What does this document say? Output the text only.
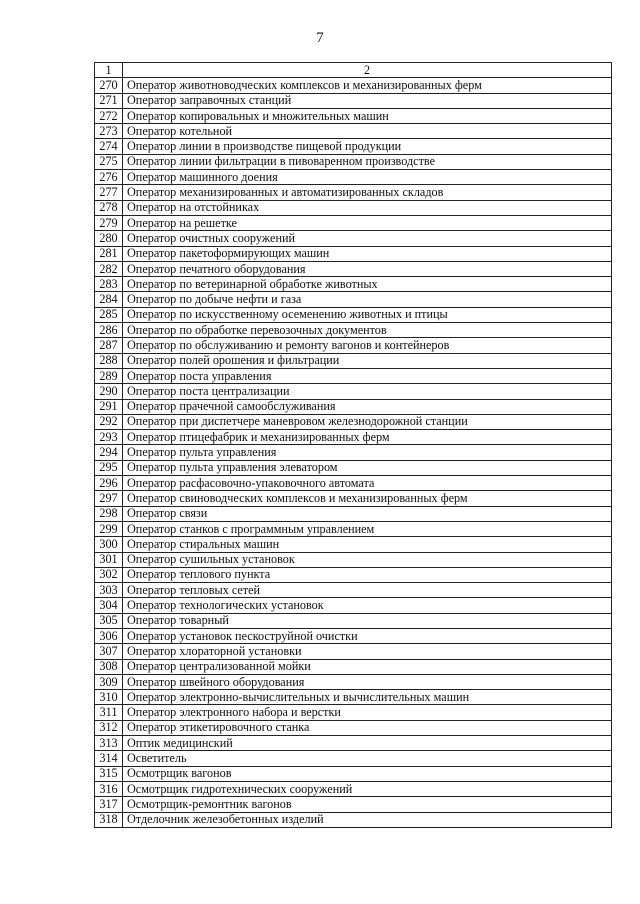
7
1	2
270	Оператор животноводческих комплексов и механизированных ферм
271	Оператор заправочных станций
272	Оператор копировальных и множительных машин
273	Оператор котельной
274	Оператор линии в производстве пищевой продукции
275	Оператор линии фильтрации в пивоваренном производстве
276	Оператор машинного доения
277	Оператор механизированных и автоматизированных складов
278	Оператор на отстойниках
279	Оператор на решетке
280	Оператор очистных сооружений
281	Оператор пакетоформирующих машин
282	Оператор печатного оборудования
283	Оператор по ветеринарной обработке животных
284	Оператор по добыче нефти и газа
285	Оператор по искусственному осеменению животных и птицы
286	Оператор по обработке перевозочных документов
287	Оператор по обслуживанию и ремонту вагонов и контейнеров
288	Оператор полей орошения и фильтрации
289	Оператор поста управления
290	Оператор поста централизации
291	Оператор прачечной самообслуживания
292	Оператор при диспетчере маневровом железнодорожной станции
293	Оператор птицефабрик и механизированных ферм
294	Оператор пульта управления
295	Оператор пульта управления элеватором
296	Оператор расфасовочно-упаковочного автомата
297	Оператор свиноводческих комплексов и механизированных ферм
298	Оператор связи
299	Оператор станков с программным управлением
300	Оператор стиральных машин
301	Оператор сушильных установок
302	Оператор теплового пункта
303	Оператор тепловых сетей
304	Оператор технологических установок
305	Оператор товарный
306	Оператор установок пескоструйной очистки
307	Оператор хлораторной установки
308	Оператор централизованной мойки
309	Оператор швейного оборудования
310	Оператор электронно-вычислительных и вычислительных машин
311	Оператор электронного набора и верстки
312	Оператор этикетировочного станка
313	Оптик медицинский
314	Осветитель
315	Осмотрщик вагонов
316	Осмотрщик гидротехнических сооружений
317	Осмотрщик-ремонтник вагонов
318	Отделочник железобетонных изделий
